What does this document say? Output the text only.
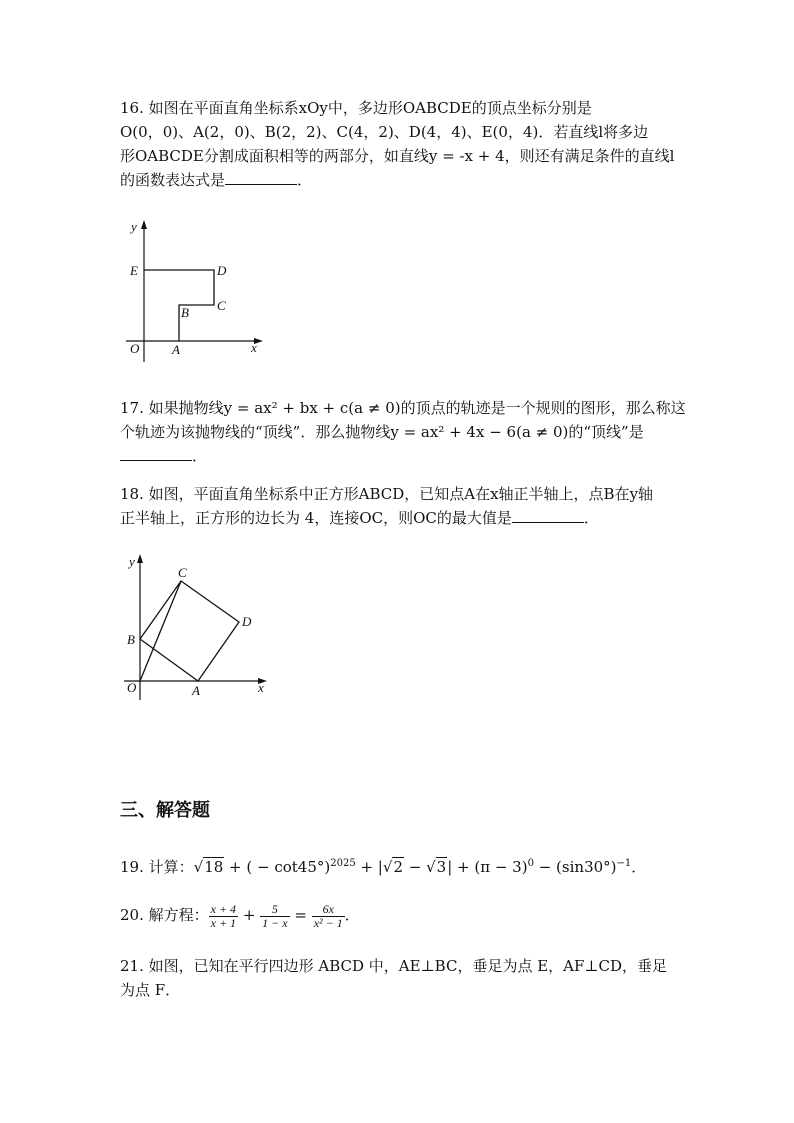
16. 如图在平面直角坐标系xOy中，多边形OABCDE的顶点坐标分别是
O(0，0)、A(2，0)、B(2，2)、C(4，2)、D(4，4)、E(0，4)．若直线l将多边
形OABCDE分割成面积相等的两部分，如直线y = -x + 4，则还有满足条件的直线l
的函数表达式是	．
y
x
O	A
B C
D
E
17. 如果抛物线y = ax² + bx + c(a ≠ 0)的顶点的轨迹是一个规则的图形，那么称这
个轨迹为该抛物线的“顶线”．那么抛物线y = ax² + 4x − 6(a ≠ 0)的“顶线”是
．
18. 如图，平面直角坐标系中正方形ABCD，已知点A在x轴正半轴上，点B在y轴
正半轴上，正方形的边长为 4，连接OC，则OC的最大值是	．
y
x
O	A
B
C
D
三、解答题
19. 计算：√18 + ( − $\cot 45^\circ)^{2025} + |√2 - √3| + (\pi - 3)^0 - (\sin 30^\circ)^{-1}$．
20. 解方程： $\frac{x + 4}{x + 1} + \frac{5}{1 - x} = \frac{6x}{\text{x² − 1}}$ ．
21. 如图，已知在平行四边形 ABCD 中，AE⊥BC，垂足为点 E，AF⊥CD，垂足
为点 F．
